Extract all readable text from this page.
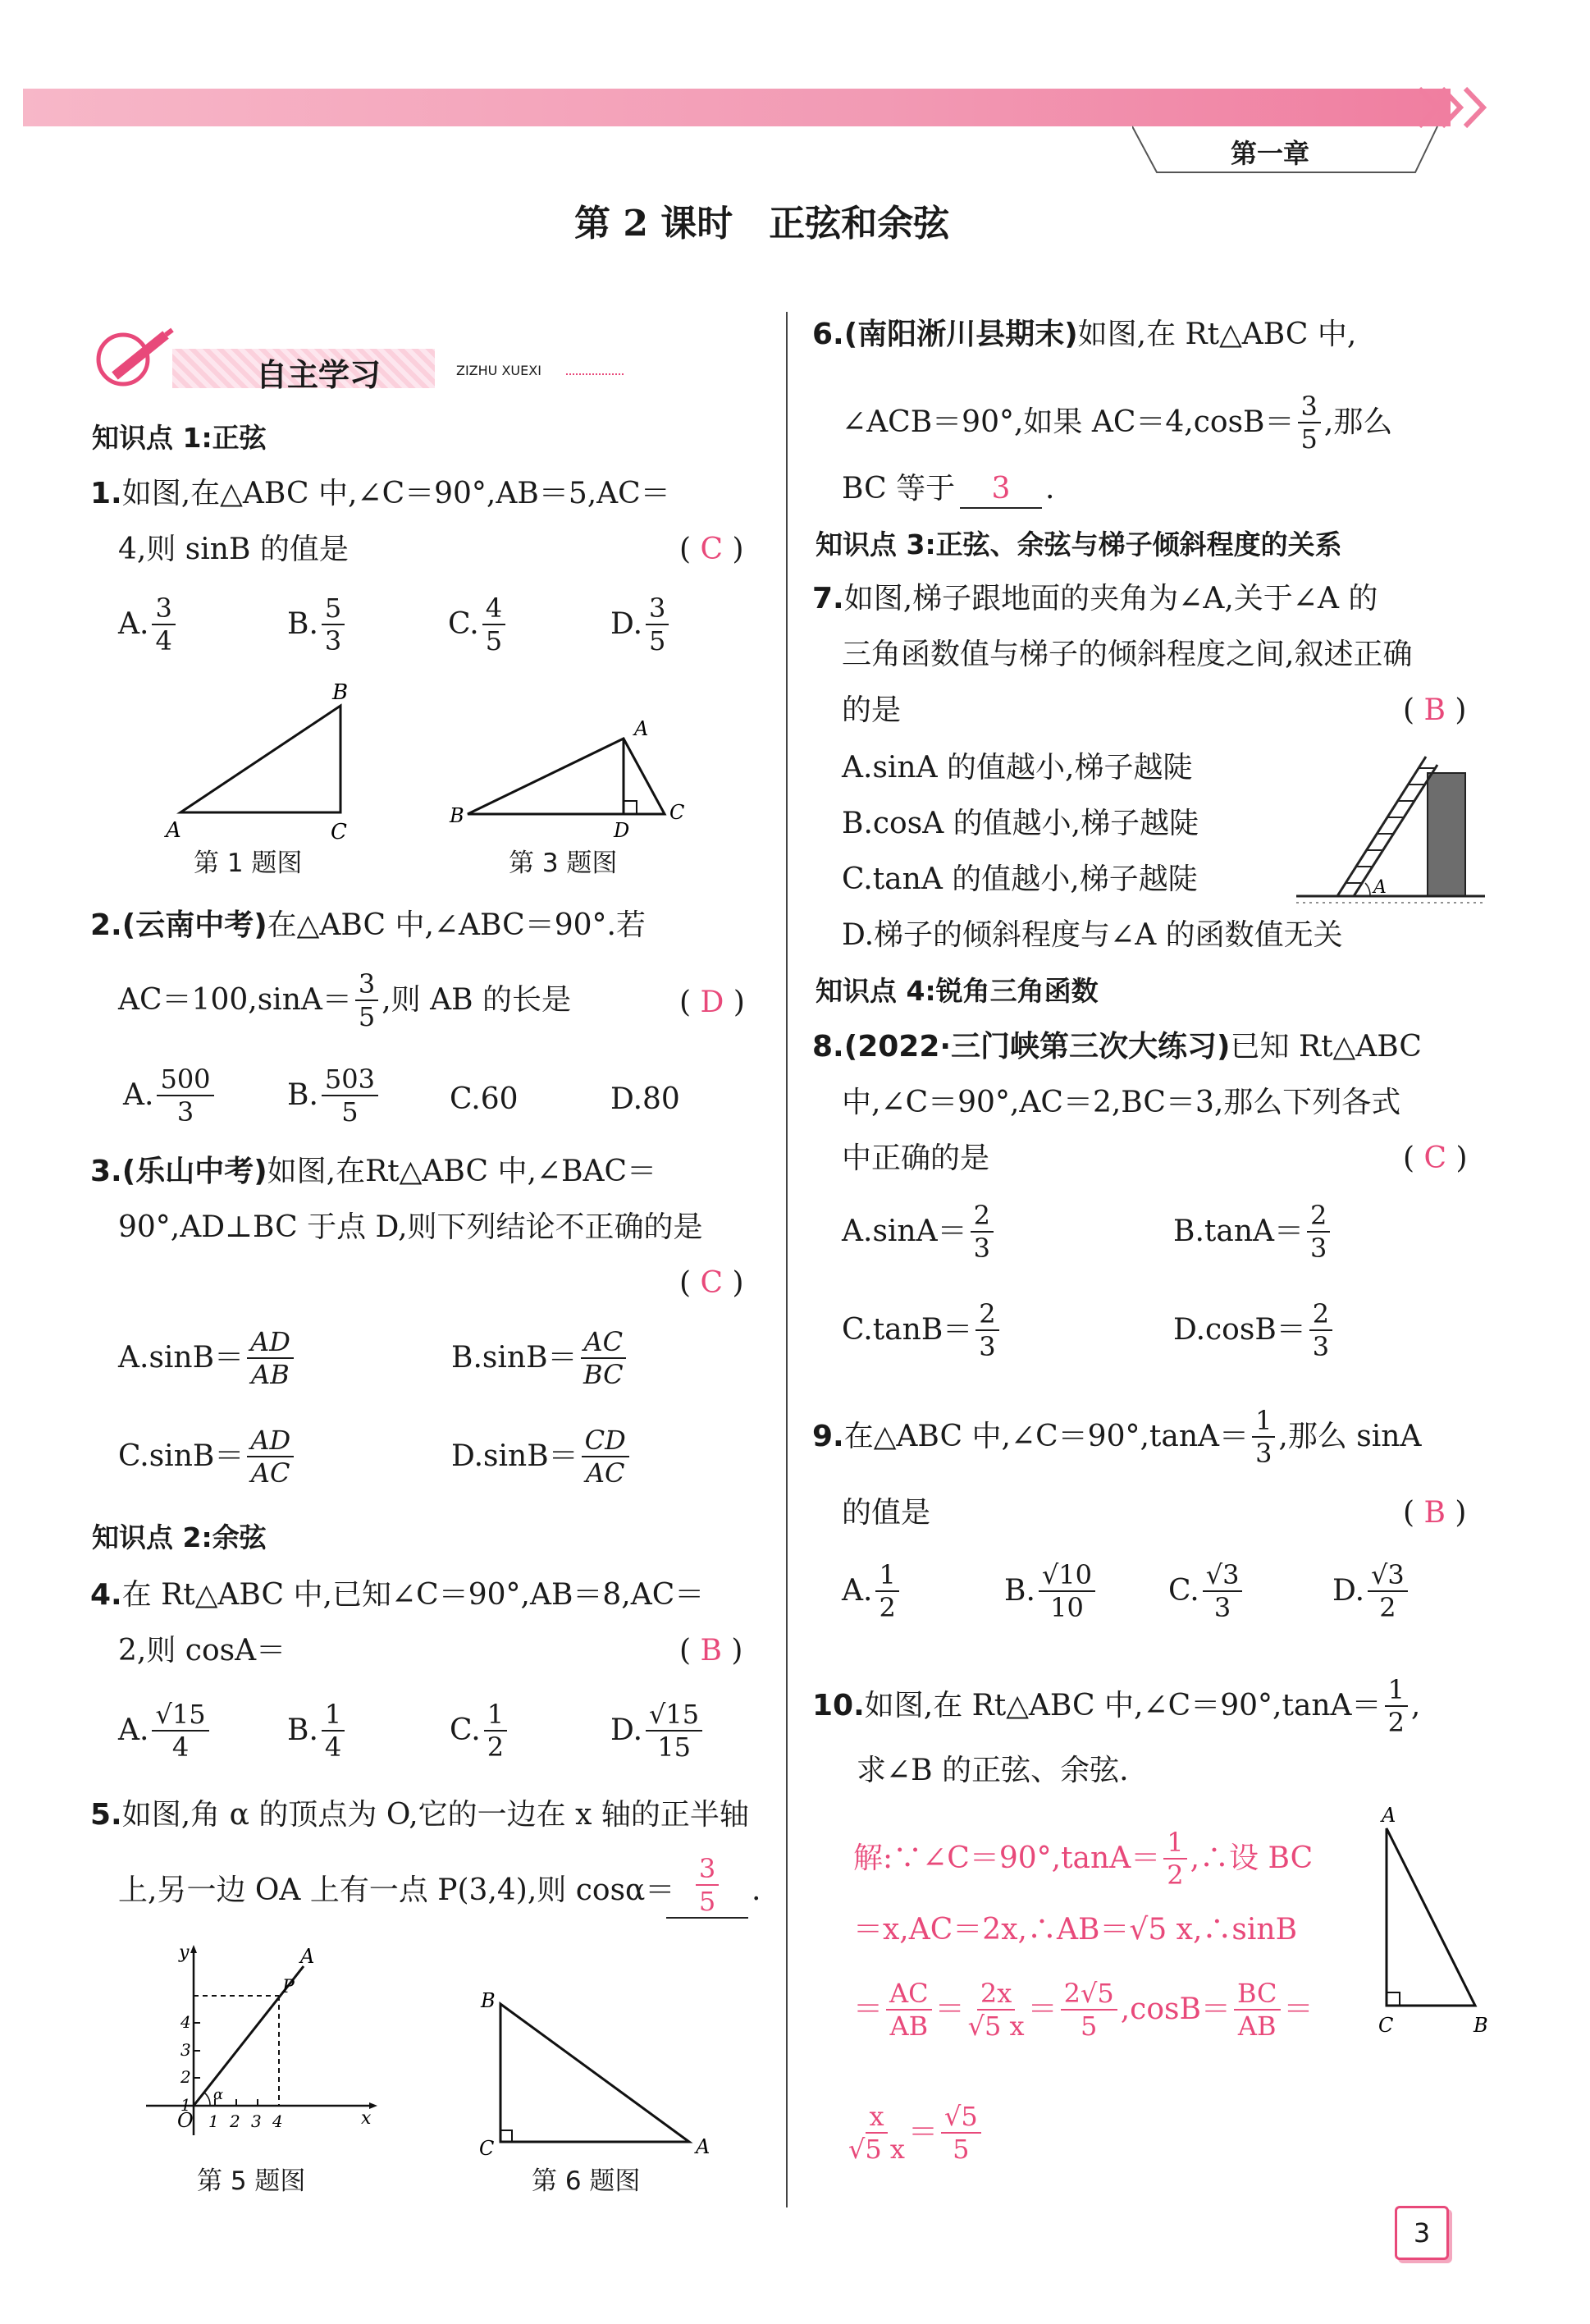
第一章
第 2 课时　正弦和余弦
自主学习	ZIZHU XUEXI
知识点 1:正弦
1.如图,在△ABC 中,∠C＝90°,AB＝5,AC＝
4,则 sinB 的值是	( C )
A. $\frac{3}{4}$	B. $\frac{5}{3}$	C. $\frac{4}{5}$	D. $\frac{3}{5}$
A
B
C
第 1 题图
A
B	C
D
第 3 题图
2.(云南中考)在△ABC 中,∠ABC＝90°.若
$AC=100,\sin A= \frac{3}{5}$ ,则 AB 的长是	( D )
A. $\frac{500}{3} B$. $\frac{503}{5} C.60$	D.80
3.(乐山中考)如图,在Rt△ABC 中,∠BAC＝
90°,AD⊥BC 于点 D,则下列结论不正确的是
( C )
$A.\sin B= \frac{AD}{AB}$	$B.\sin B= \frac{AC}{BC}$
$C.\sin B= \frac{AD}{AC}$	$D.\sin B= \frac{CD}{AC}$
知识点 2:余弦
4.在 Rt△ABC 中,已知∠C＝90°,AB＝8,AC＝
2,则 cosA＝	( B )
A. $\frac{√15}{4}$	B. $\frac{1}{4}$	C. $\frac{1}{2}$	D. $\frac{√15}{15}$
5.如图,角 α 的顶点为 O,它的一边在 x 轴的正半轴
上,另一边 OA 上有一点 P(3,4),则 $\cos\alpha= \frac{3}{5}$ .
y
x
O
A
P
α
1 2 3 4
1
2
3
4
第 5 题图
B
C	A
第 6 题图
6.(南阳淅川县期末)如图,在 Rt△ABC 中,
∠ACB＝90°,如果 $AC=4,\cos B= \frac{3}{5}$ ,那么
BC 等于	3	.
知识点 3:正弦、余弦与梯子倾斜程度的关系
7.如图,梯子跟地面的夹角为∠A,关于∠A 的
三角函数值与梯子的倾斜程度之间,叙述正确
的是	( B )
A.sinA 的值越小,梯子越陡
B.cosA 的值越小,梯子越陡
C.tanA 的值越小,梯子越陡
D.梯子的倾斜程度与∠A 的函数值无关
A
知识点 4:锐角三角函数
8.(2022·三门峡第三次大练习)已知 Rt△ABC
中,∠C＝90°,AC＝2,BC＝3,那么下列各式
中正确的是	( C )
$A.\sin A= \frac{2}{3}$	$B.\tan A= \frac{2}{3}$
$C.\tan B= \frac{2}{3}$	$D.\cos B= \frac{2}{3}$
9. 在△ABC 中,∠C＝90°,tanA＝ $\frac{1}{3}$ ,那么 sinA
的值是	( B )
A. $\frac{1}{2}$	B. $\frac{√10}{10} C$. $\frac{√3}{3}$	D. $\frac{√3}{2}$
10. 如图,在 Rt△ABC 中,∠C＝90°,tanA＝ $\frac{1}{2}$ ,
求∠B 的正弦、余弦.
解:∵∠C＝90°,tanA＝ $\frac{1}{2}$ ,∴设 BC
＝x,AC＝2x,∴AB＝√5 x,∴sinB
＝ $\frac{AC}{AB} = \frac{2x}{√5 x} = \frac{2√5}{5} ,\cos B= \frac{BC}{AB}$ ＝
$\frac{x}{√5 x} = \frac{√5}{5}$
A
C	B
3
